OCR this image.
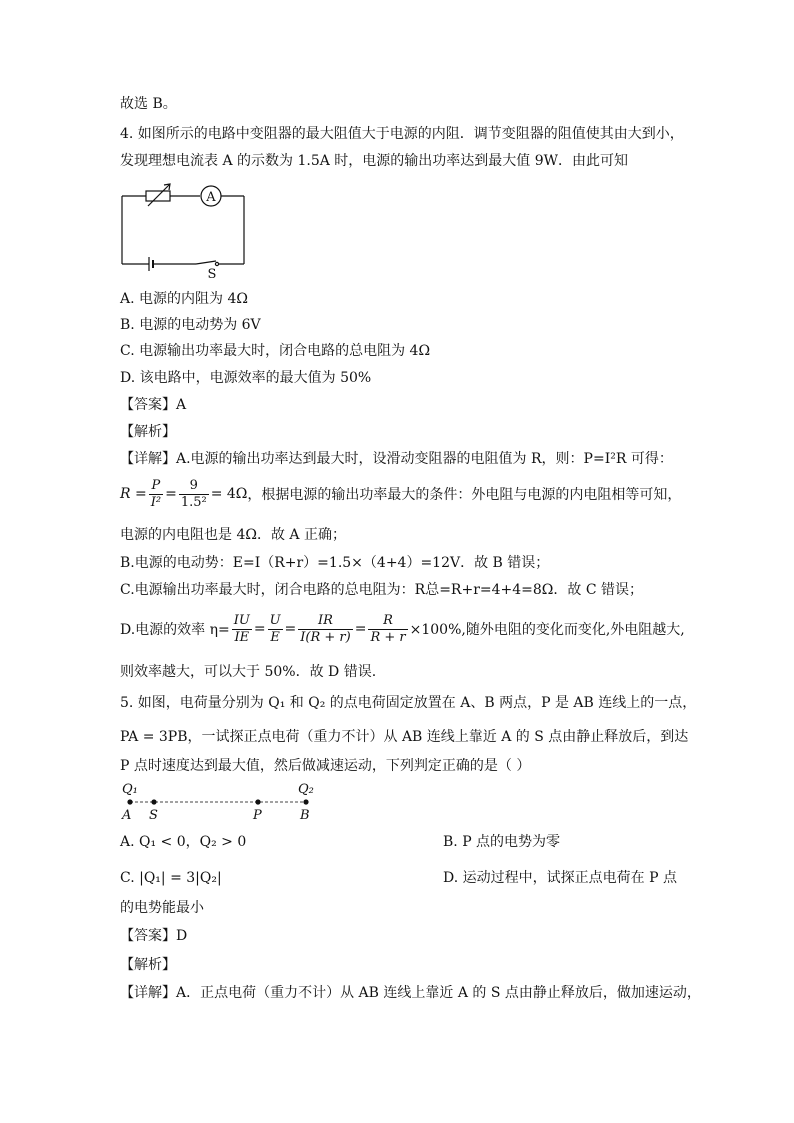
故选 B。
4. 如图所示的电路中变阻器的最大阻值大于电源的内阻．调节变阻器的阻值使其由大到小，
发现理想电流表 A 的示数为 1.5A 时，电源的输出功率达到最大值 9W．由此可知
A
S
A. 电源的内阻为 4Ω
B. 电源的电动势为 6V
C. 电源输出功率最大时，闭合电路的总电阻为 4Ω
D. 该电路中，电源效率的最大值为 50%
【答案】A
【解析】
【详解】A.电源的输出功率达到最大时，设滑动变阻器的电阻值为 R，则：P=I²R 可得：
$R = \frac{P}{\text{I²}} = \frac{9}{\text{1.5²}} = 4\Omega$ ，根据电源的输出功率最大的条件：外电阻与电源的内电阻相等可知，
电源的内电阻也是 4Ω．故 A 正确；
B.电源的电动势：E=I（R+r）=1.5×（4+4）=12V．故 B 错误；
C.电源输出功率最大时，闭合电路的总电阻为：R总=R+r=4+4=8Ω．故 C 错误；
D.电源的效率 $\eta= \frac{IU}{IE} = \frac{U}{E} = \frac{IR}{I(R + r)} = \frac{R}{R + r} \times 100\%$,随外电阻的变化而变化,外电阻越大,
则效率越大，可以大于 50%．故 D 错误.
5. 如图，电荷量分别为 Q₁ 和 Q₂ 的点电荷固定放置在 A、B 两点，P 是 AB 连线上的一点，
PA = 3PB，一试探正点电荷（重力不计）从 AB 连线上靠近 A 的 S 点由静止释放后，到达
P 点时速度达到最大值，然后做减速运动，下列判定正确的是（ ）
Q₁	Q₂
A S	P	B
A. Q₁ < 0，Q₂ > 0	B. P 点的电势为零
C. |Q₁| = 3|Q₂|	D. 运动过程中，试探正点电荷在 P 点
的电势能最小
【答案】D
【解析】
【详解】A．正点电荷（重力不计）从 AB 连线上靠近 A 的 S 点由静止释放后，做加速运动，
